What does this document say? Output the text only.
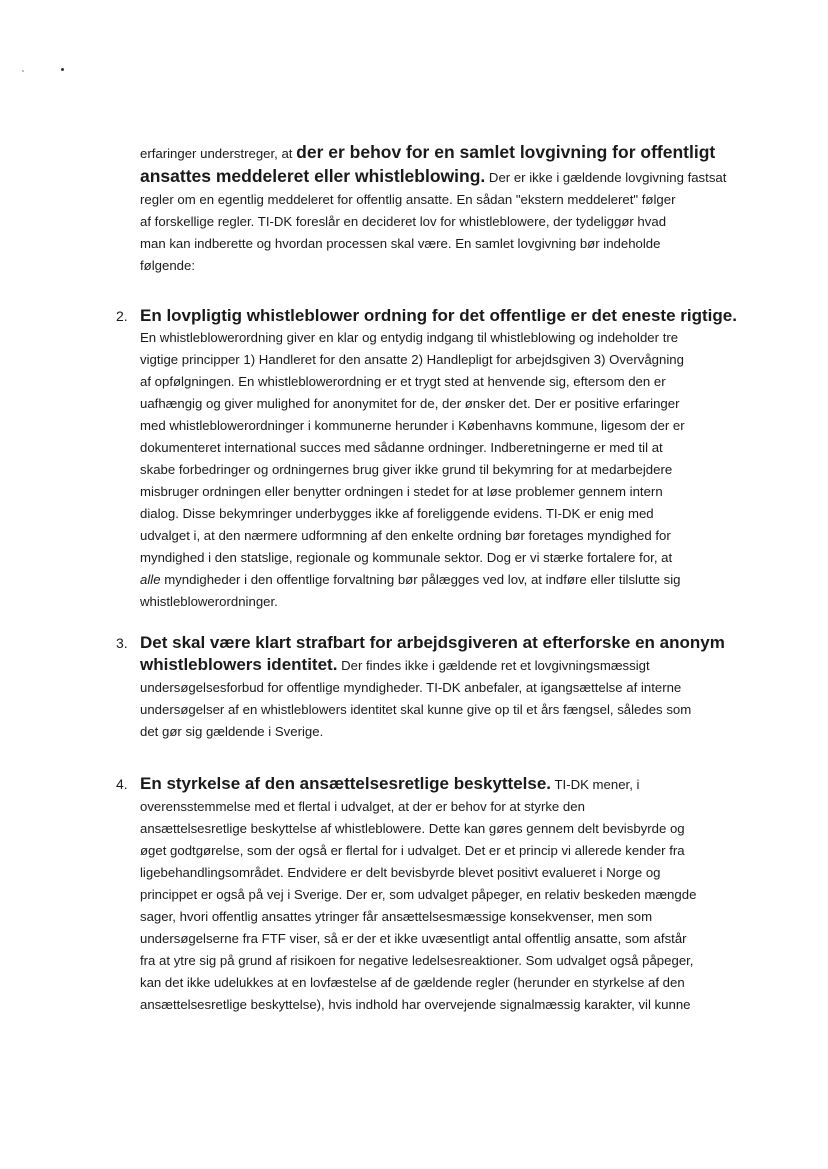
erfaringer understreger, at der er behov for en samlet lovgivning for offentligt
ansattes meddeleret eller whistleblowing. Der er ikke i gældende lovgivning fastsat
regler om en egentlig meddeleret for offentlig ansatte. En sådan "ekstern meddeleret" følger
af forskellige regler. TI-DK foreslår en decideret lov for whistleblowere, der tydeliggør hvad
man kan indberette og hvordan processen skal være. En samlet lovgivning bør indeholde
følgende:
2. En lovpligtig whistleblower ordning for det offentlige er det eneste rigtige.
En whistleblowerordning giver en klar og entydig indgang til whistleblowing og indeholder tre
vigtige principper 1) Handleret for den ansatte 2) Handlepligt for arbejdsgiven 3) Overvågning
af opfølgningen. En whistleblowerordning er et trygt sted at henvende sig, eftersom den er
uafhængig og giver mulighed for anonymitet for de, der ønsker det. Der er positive erfaringer
med whistleblowerordninger i kommunerne herunder i Københavns kommune, ligesom der er
dokumenteret international succes med sådanne ordninger. Indberetningerne er med til at
skabe forbedringer og ordningernes brug giver ikke grund til bekymring for at medarbejdere
misbruger ordningen eller benytter ordningen i stedet for at løse problemer gennem intern
dialog. Disse bekymringer underbygges ikke af foreliggende evidens. TI-DK er enig med
udvalget i, at den nærmere udformning af den enkelte ordning bør foretages myndighed for
myndighed i den statslige, regionale og kommunale sektor. Dog er vi stærke fortalere for, at
alle myndigheder i den offentlige forvaltning bør pålægges ved lov, at indføre eller tilslutte sig
whistleblowerordninger.
3. Det skal være klart strafbart for arbejdsgiveren at efterforske en anonym
whistleblowers identitet. Der findes ikke i gældende ret et lovgivningsmæssigt
undersøgelsesforbud for offentlige myndigheder. TI-DK anbefaler, at igangsættelse af interne
undersøgelser af en whistleblowers identitet skal kunne give op til et års fængsel, således som
det gør sig gældende i Sverige.
4. En styrkelse af den ansættelsesretlige beskyttelse. TI-DK mener, i
overensstemmelse med et flertal i udvalget, at der er behov for at styrke den
ansættelsesretlige beskyttelse af whistleblowere. Dette kan gøres gennem delt bevisbyrde og
øget godtgørelse, som der også er flertal for i udvalget. Det er et princip vi allerede kender fra
ligebehandlingsområdet. Endvidere er delt bevisbyrde blevet positivt evalueret i Norge og
princippet er også på vej i Sverige. Der er, som udvalget påpeger, en relativ beskeden mængde
sager, hvori offentlig ansattes ytringer får ansættelsesmæssige konsekvenser, men som
undersøgelserne fra FTF viser, så er der et ikke uvæsentligt antal offentlig ansatte, som afstår
fra at ytre sig på grund af risikoen for negative ledelsesreaktioner. Som udvalget også påpeger,
kan det ikke udelukkes at en lovfæstelse af de gældende regler (herunder en styrkelse af den
ansættelsesretlige beskyttelse), hvis indhold har overvejende signalmæssig karakter, vil kunne
